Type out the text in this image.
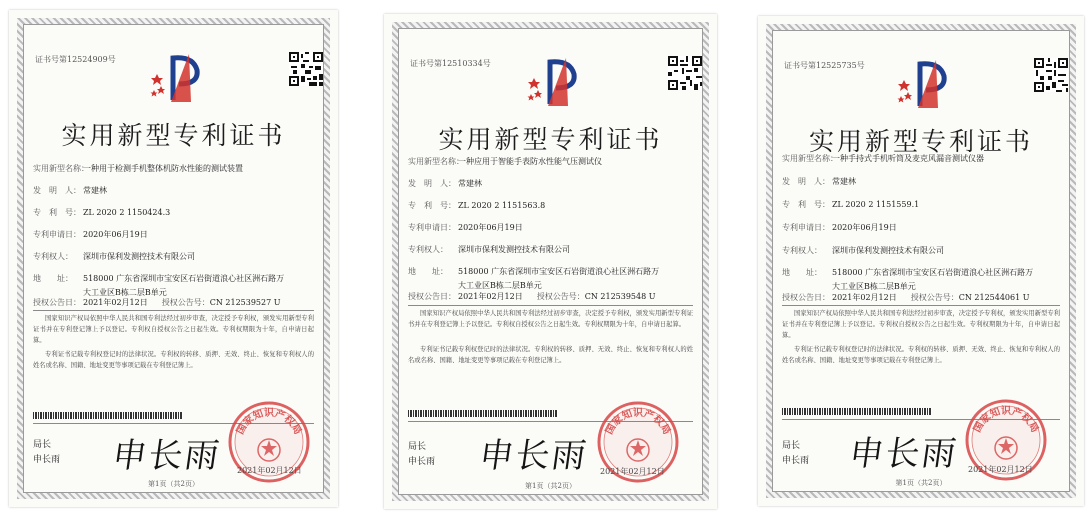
证书号第12524909号
实用新型专利证书
实用新型名称：一种用于检测手机整体机防水性能的测试装置
发　明　人： 常建林
专　利　号： ZL 2020 2 1150424.3
专利申请日： 2020年06月19日
专利权人： 深圳市保利发测控技术有限公司
地　　址： 518000 广东省深圳市宝安区石岩街道浪心社区洲石路万
大工业区B栋二层B单元
授权公告日： 2021年02月12日 授权公告号：CN 212539527 U
国家知识产权局依照中华人民共和国专利法经过初步审查，决定授予专利权，颁发实用新型专利证书并在专利登记簿上予以登记。专利权自授权公告之日起生效。专利权期限为十年，自申请日起算。
专利证书记载专利权登记时的法律状况。专利权的转移、质押、无效、终止、恢复和专利权人的姓名或名称、国籍、地址变更等事项记载在专利登记簿上。
局长
申长雨 申长雨
国家知识产权局
2021年02月12日
第1页（共2页）
证书号第12510334号
实用新型专利证书
实用新型名称：一种应用于智能手表防水性能气压测试仪
发　明　人： 常建林
专　利　号： ZL 2020 2 1151563.8
专利申请日： 2020年06月19日
专利权人： 深圳市保利发测控技术有限公司
地　　址： 518000 广东省深圳市宝安区石岩街道浪心社区洲石路万
大工业区B栋二层B单元
授权公告日： 2021年02月12日 授权公告号：CN 212539548 U
国家知识产权局依照中华人民共和国专利法经过初步审查，决定授予专利权，颁发实用新型专利证书并在专利登记簿上予以登记。专利权自授权公告之日起生效。专利权期限为十年，自申请日起算。
专利证书记载专利权登记时的法律状况。专利权的转移、质押、无效、终止、恢复和专利权人的姓名或名称、国籍、地址变更等事项记载在专利登记簿上。
局长
申长雨 申长雨
国家知识产权局
2021年02月12日
第1页（共2页）
证书号第12525735号
实用新型专利证书
实用新型名称：一种手持式手机听筒及麦克风漏音测试仪器
发　明　人： 常建林
专　利　号： ZL 2020 2 1151559.1
专利申请日： 2020年06月19日
专利权人： 深圳市保利发测控技术有限公司
地　　址： 518000 广东省深圳市宝安区石岩街道浪心社区洲石路万
大工业区B栋二层B单元
授权公告日： 2021年02月12日 授权公告号：CN 212544061 U
国家知识产权局依照中华人民共和国专利法经过初步审查，决定授予专利权，颁发实用新型专利证书并在专利登记簿上予以登记。专利权自授权公告之日起生效。专利权期限为十年，自申请日起算。
专利证书记载专利权登记时的法律状况。专利权的转移、质押、无效、终止、恢复和专利权人的姓名或名称、国籍、地址变更等事项记载在专利登记簿上。
局长
申长雨 申长雨
国家知识产权局
2021年02月12日
第1页（共2页）
